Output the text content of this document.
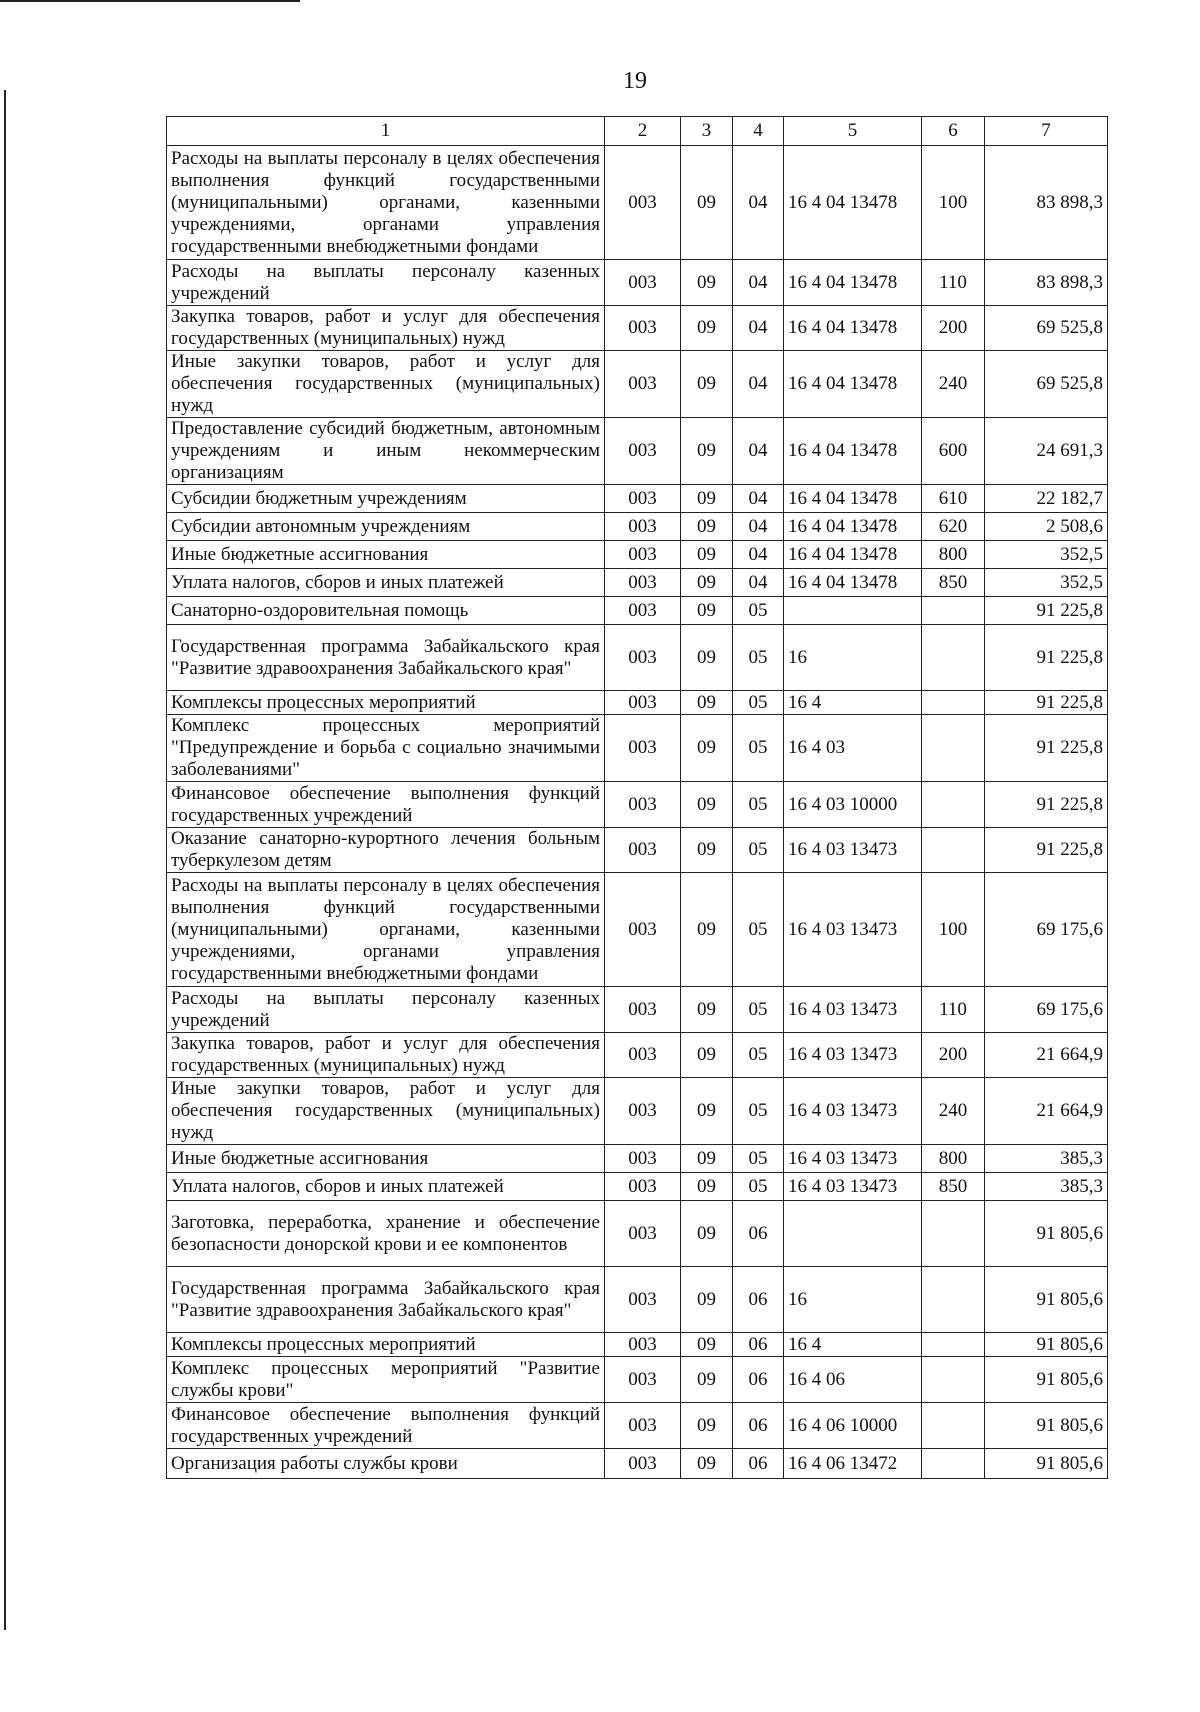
19
1	2	3	4	5	6	7
Расходы на выплаты персоналу в целях обеспечения выполнения функций государственными (муниципальными) органами, казенными учреждениями, органами управления государственными внебюджетными фондами	003	09	04	16 4 04 13478	100	83 898,3
Расходы на выплаты персоналу казенных учреждений	003	09	04	16 4 04 13478	110	83 898,3
Закупка товаров, работ и услуг для обеспечения государственных (муниципальных) нужд	003	09	04	16 4 04 13478	200	69 525,8
Иные закупки товаров, работ и услуг для обеспечения государственных (муниципальных) нужд	003	09	04	16 4 04 13478	240	69 525,8
Предоставление субсидий бюджетным, автономным учреждениям и иным некоммерческим организациям	003	09	04	16 4 04 13478	600	24 691,3
Субсидии бюджетным учреждениям	003	09	04	16 4 04 13478	610	22 182,7
Субсидии автономным учреждениям	003	09	04	16 4 04 13478	620	2 508,6
Иные бюджетные ассигнования	003	09	04	16 4 04 13478	800	352,5
Уплата налогов, сборов и иных платежей	003	09	04	16 4 04 13478	850	352,5
Санаторно-оздоровительная помощь	003	09	05			91 225,8
Государственная программа Забайкальского края "Развитие здравоохранения Забайкальского края"	003	09	05	16		91 225,8
Комплексы процессных мероприятий	003	09	05	16 4		91 225,8
Комплекс процессных мероприятий "Предупреждение и борьба с социально значимыми заболеваниями"	003	09	05	16 4 03		91 225,8
Финансовое обеспечение выполнения функций государственных учреждений	003	09	05	16 4 03 10000		91 225,8
Оказание санаторно-курортного лечения больным туберкулезом детям	003	09	05	16 4 03 13473		91 225,8
Расходы на выплаты персоналу в целях обеспечения выполнения функций государственными (муниципальными) органами, казенными учреждениями, органами управления государственными внебюджетными фондами	003	09	05	16 4 03 13473	100	69 175,6
Расходы на выплаты персоналу казенных учреждений	003	09	05	16 4 03 13473	110	69 175,6
Закупка товаров, работ и услуг для обеспечения государственных (муниципальных) нужд	003	09	05	16 4 03 13473	200	21 664,9
Иные закупки товаров, работ и услуг для обеспечения государственных (муниципальных) нужд	003	09	05	16 4 03 13473	240	21 664,9
Иные бюджетные ассигнования	003	09	05	16 4 03 13473	800	385,3
Уплата налогов, сборов и иных платежей	003	09	05	16 4 03 13473	850	385,3
Заготовка, переработка, хранение и обеспечение безопасности донорской крови и ее компонентов	003	09	06			91 805,6
Государственная программа Забайкальского края "Развитие здравоохранения Забайкальского края"	003	09	06	16		91 805,6
Комплексы процессных мероприятий	003	09	06	16 4		91 805,6
Комплекс процессных мероприятий "Развитие службы крови"	003	09	06	16 4 06		91 805,6
Финансовое обеспечение выполнения функций государственных учреждений	003	09	06	16 4 06 10000		91 805,6
Организация работы службы крови	003	09	06	16 4 06 13472		91 805,6
